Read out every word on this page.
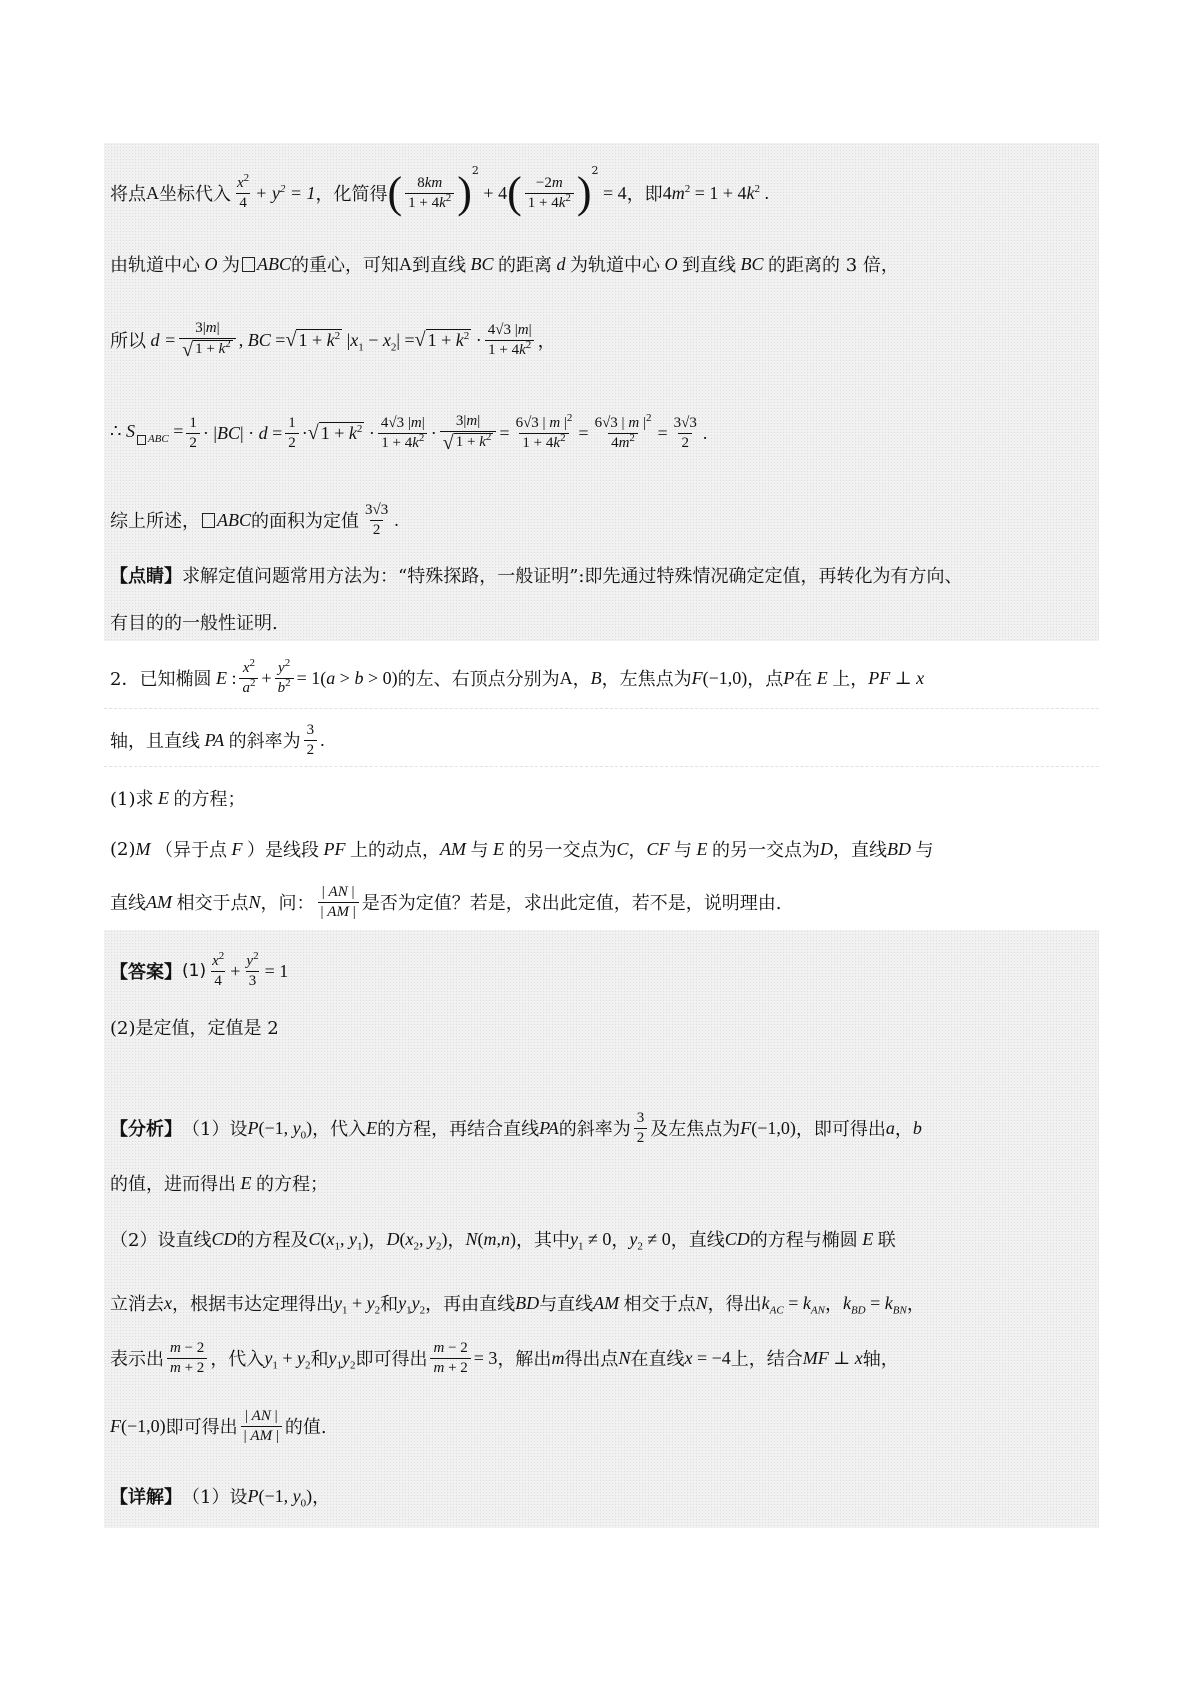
将点 A 坐标代入 $\frac{x^2}{4} + y^2 = 1$ ，化简得 ( $\frac{8km}{1 + 4k^2}$ ) 2
+ 4 ( $\frac{-2m}{1 + 4k^2}$ ) 2
= 4 ，即 $4m^2 = 1 + 4k^2$ .
由轨道中心 O 为 ABC 的重心，可知 A 到直线 BC 的距离 d 为轨道中心 O 到直线 BC 的距离的 3 倍，
所以 $d = \frac{3|m|}{√ 1 + k^2}$ , BC = √ $1 + k^2$ $|x_1 - x_2|$ = √ $1 + k^2 \cdot \frac{4√3 |m|}{1 + 4k^2}$ ，
∴ S $_{ABC} = \frac{1}{2} \cdot |BC| \cdot d = \frac{1}{2}$ · √ $1 + k^2 \cdot \frac{4√3 |m|}{1 + 4k^2} \cdot \frac{3|m|}{√ 1 + k^2} = \frac{6√3 | m |^2}{1 + 4k^2} = \frac{6√3 | m |^2}{4m^2} = \frac{3√3}{2}$ .
综上所述， ABC 的面积为定值 $\frac{3√3}{2}$ .
【点睛】 求解定值问题常用方法为：“特殊探路，一般证明”:即先通过特殊情况确定定值，再转化为有方向、
有目的的一般性证明.
2．已知椭圆 E : $\frac{x^2}{a^2} + \frac{y^2}{b^2} = 1(a > b > 0)$ 的左、右顶点分别为 A ， B ，左焦点为 F(−1,0) ，点 P 在 E 上， PF ⊥ x
轴，且直线 PA 的斜率为 $\frac{3}{2}$ .
(1)求 E 的方程；
(2) M （异于点 F ）是线段 PF 上的动点， AM 与 E 的另一交点为 C ， CF 与 E 的另一交点为 D ，直线 BD 与
直线 AM 相交于点 N ，问： $\frac{| AN |}{| AM |}$ 是否为定值？若是，求出此定值，若不是，说明理由.
【答案】 $(1) \frac{x^2}{4} + \frac{y^2}{3} = 1$
(2)是定值，定值是 2
【分析】 （1）设 P(−1, $y_0$) ，代入 E 的方程，再结合直线 PA 的斜率为 $\frac{3}{2}$ 及左焦点为 F(−1,0) ，即可得出 a ， b
的值，进而得出 E 的方程；
（2）设直线 CD 的方程及 $C(x_1$, $y_1$) ， $D(x_2$, $y_2$) ， N(m,n) ，其中 $y_1 \ne 0$ ， $y_2 \ne 0$ ，直线 CD 的方程与椭圆 E 联
立消去 x ，根据韦达定理得出 $y_1 + y_2$ 和 $y_1y_2$ ，再由直线 BD 与直线 AM 相交于点 N ，得出 $k_{AC} = k_{AN}$ ， $k_{BD} = k_{BN}$ ，
表示出 $\frac{m - 2}{m + 2}$ ，代入 $y_1 + y_2$ 和 $y_1y_2$ 即可得出 $\frac{m - 2}{m + 2} = 3$ ，解出 m 得出点 N 在直线 x = −4 上，结合 MF ⊥ x 轴，
F(−1,0) 即可得出 $\frac{| AN |}{| AM |}$ 的值.
【详解】 （1）设 P(−1, $y_0$) ，
